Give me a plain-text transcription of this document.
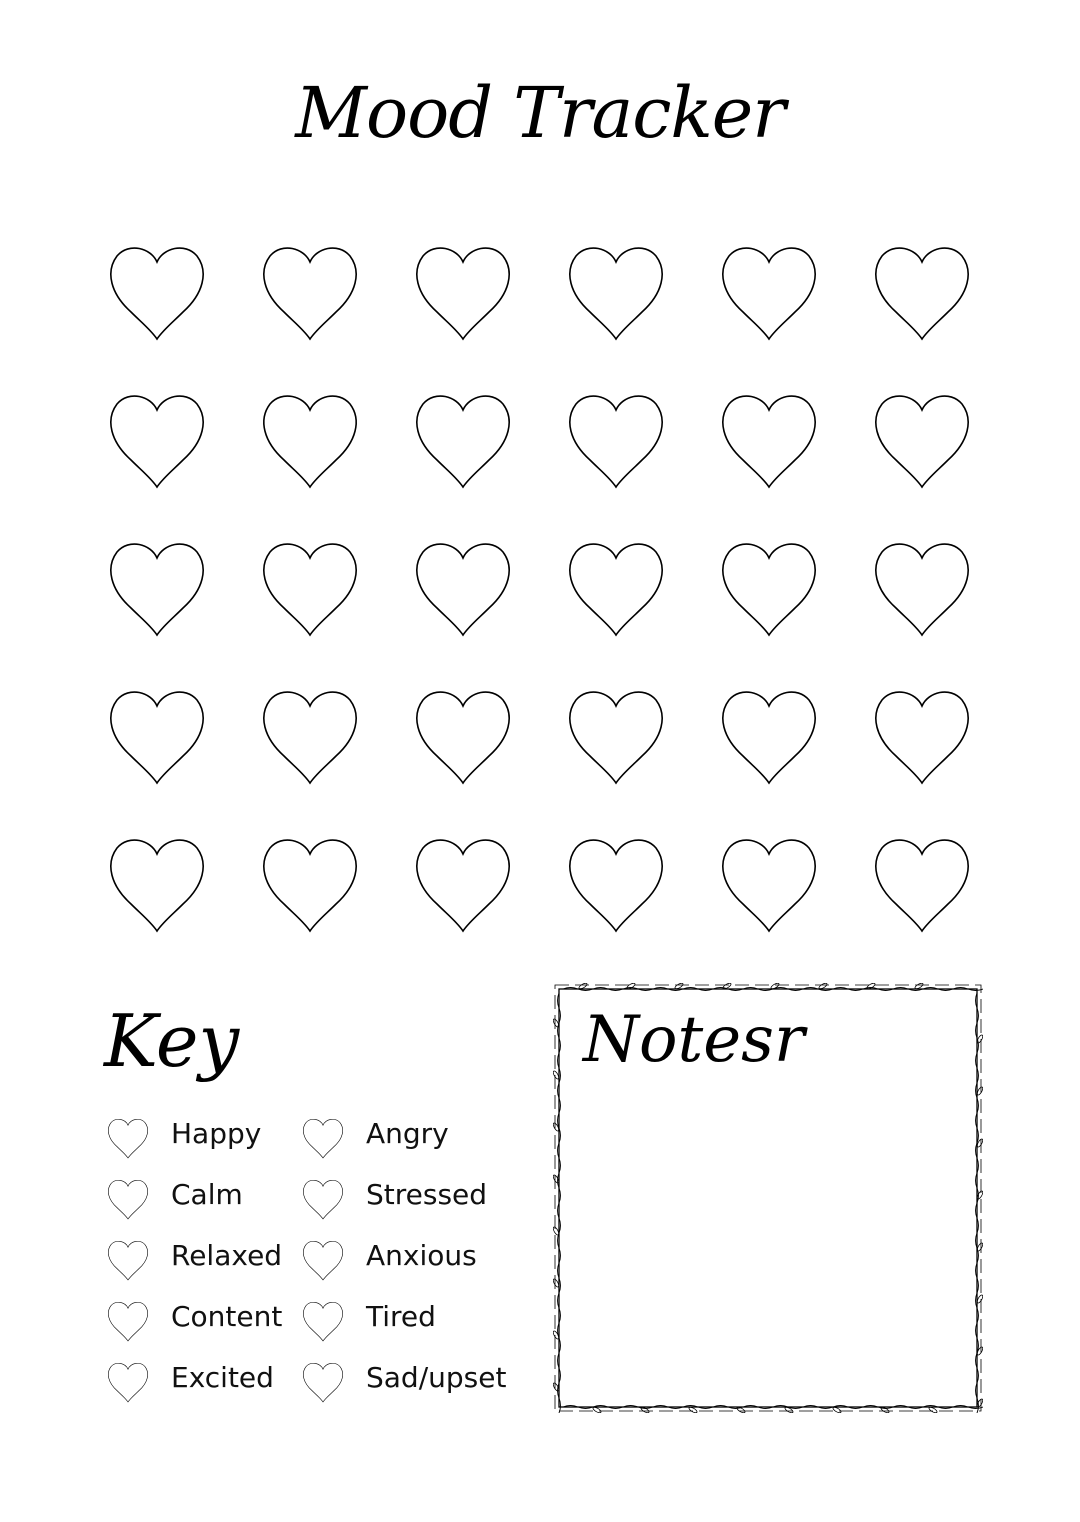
Mood Tracker
Key
Happy
Calm
Relaxed
Content
Excited
Angry
Stressed
Anxious
Tired
Sad/upset
Notesr
